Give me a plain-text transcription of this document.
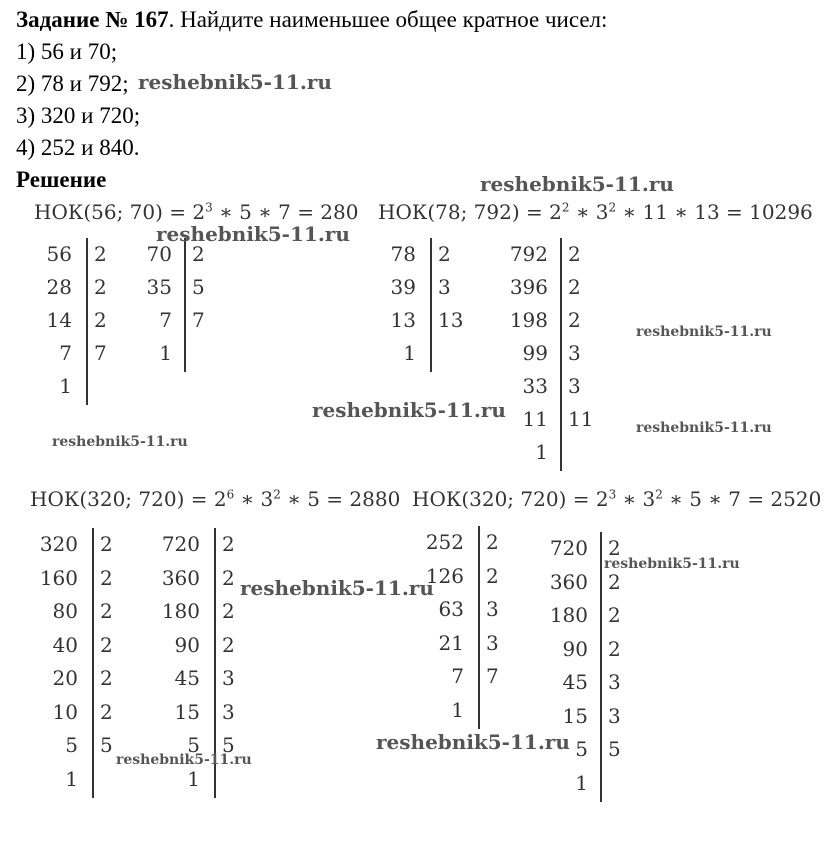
Задание № 167. Найдите наименьшее общее кратное чисел:
1) 56 и 70;
2) 78 и 792;
3) 320 и 720;
4) 252 и 840.
Решение
НОК(56; $70) = 2^3$ ∗ 5 ∗ 7 = 280 НОК(78; $792) = 2^2$ ∗ $3^2$ ∗ 11 ∗ 13 = 10296
НОК(320; $720) = 2^6$ ∗ $3^2$ ∗ 5 = 2880 НОК(320; $720) = 2^3$ ∗ $3^2$ ∗ 5 ∗ 7 = 2520
56
28
14
7
1
2
2
2
7
70
35
7
1
2
5
7
78
39
13
1
2
3
13
792
396
198
99
33
11
1
2
2
2
3
3
11
320
160
80
40
20
10
5
1
2
2
2
2
2
2
5
720
360
180
90
45
15
5
1
2
2
2
2
3
3
5
252
126
63
21
7
1
2
2
3
3
7
720
360
180
90
45
15
5
1
2
2
2
2
3
3
5
reshebnik5-11.ru
reshebnik5-11.ru
reshebnik5-11.ru
reshebnik5-11.ru
reshebnik5-11.ru
reshebnik5-11.ru
reshebnik5-11.ru
reshebnik5-11.ru
reshebnik5-11.ru
reshebnik5-11.ru
reshebnik5-11.ru
